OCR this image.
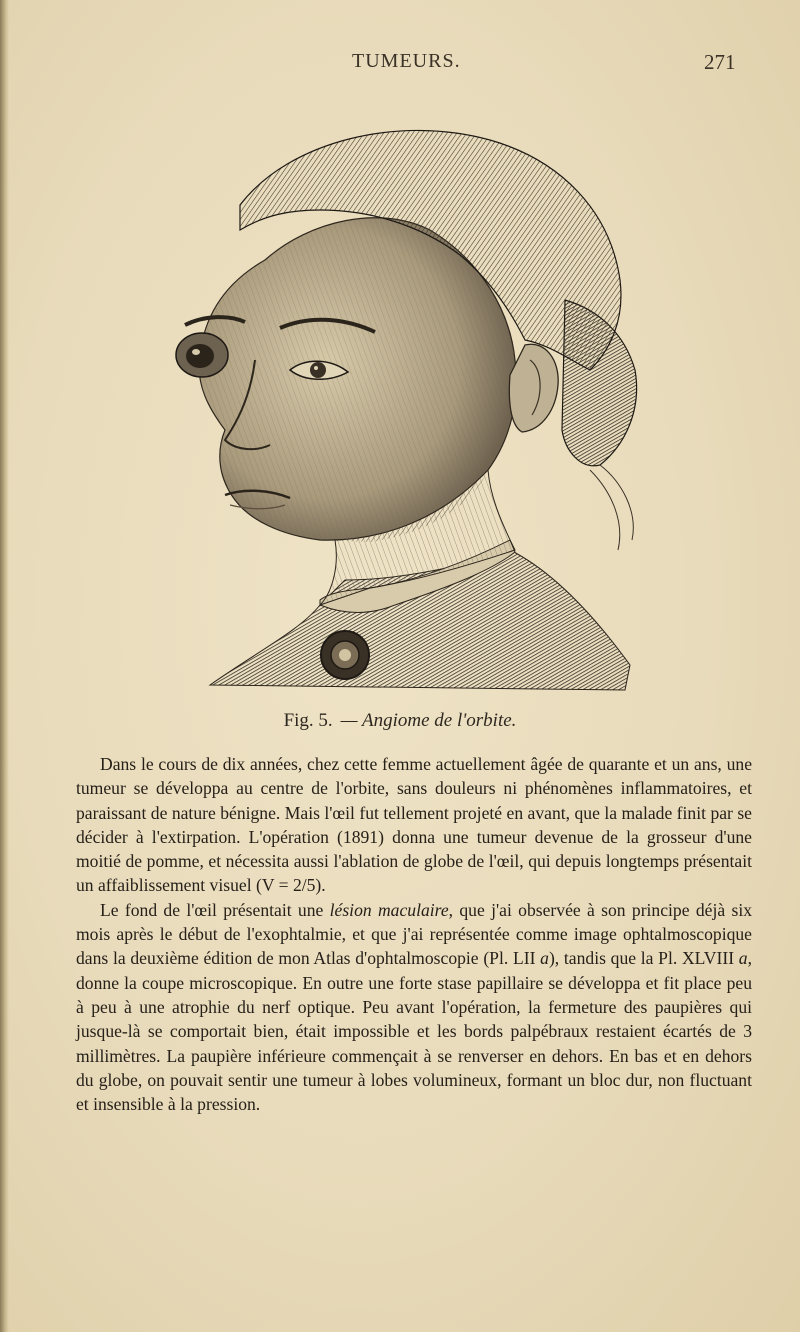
TUMEURS.	271
Fig. 5. — Angiome de l'orbite.

Dans le cours de dix années, chez cette femme actuellement âgée de quarante et un ans, une tumeur se développa au centre de l'orbite, sans douleurs ni phénomènes inflammatoires, et paraissant de nature bénigne. Mais l'œil fut tellement projeté en avant, que la malade finit par se décider à l'extirpation. L'opération (1891) donna une tumeur devenue de la grosseur d'une moitié de pomme, et nécessita aussi l'ablation de globe de l'œil, qui depuis longtemps présentait un affaiblissement visuel (V = 2/5).

Le fond de l'œil présentait une lésion maculaire, que j'ai observée à son principe déjà six mois après le début de l'exophtalmie, et que j'ai représentée comme image ophtalmoscopique dans la deuxième édition de mon Atlas d'ophtalmoscopie (Pl. LII a), tandis que la Pl. XLVIII a, donne la coupe microscopique. En outre une forte stase papillaire se développa et fit place peu à peu à une atrophie du nerf optique. Peu avant l'opération, la fermeture des paupières qui jusque-là se comportait bien, était impossible et les bords palpébraux restaient écartés de 3 millimètres. La paupière inférieure commençait à se renverser en dehors. En bas et en dehors du globe, on pouvait sentir une tumeur à lobes volumineux, formant un bloc dur, non fluctuant et insensible à la pression.
